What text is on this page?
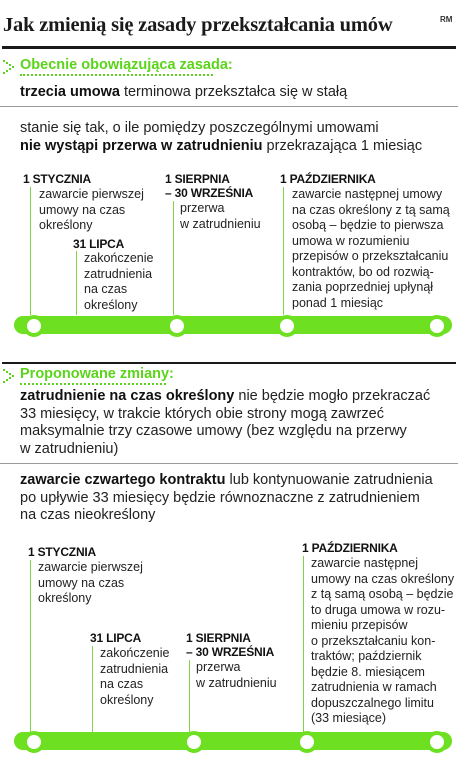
Jak zmienią się zasady przekształcania umów	RM
Obecnie obowiązująca zasada:
trzecia umowa terminowa przekształca się w stałą
stanie się tak, o ile pomiędzy poszczególnymi umowami
nie wystąpi przerwa w zatrudnieniu przekrazająca 1 miesiąc
1 STYCZNIA
zawarcie pierwszej
umowy na czas
określony
31 LIPCA
zakończenie
zatrudnienia
na czas
określony
1 SIERPNIA
– 30 WRZEŚNIA
przerwa
w zatrudnieniu
1 PAŹDZIERNIKA
zawarcie następnej umowy
na czas określony z tą samą
osobą – będzie to pierwsza
umowa w rozumieniu
przepisów o przekształcaniu
kontraktów, bo od rozwią-
zania poprzedniej upłynął
ponad 1 miesiąc
Proponowane zmiany:
zatrudnienie na czas określony nie będzie mogło przekraczać
33 miesięcy, w trakcie których obie strony mogą zawrzeć
maksymalnie trzy czasowe umowy (bez względu na przerwy
w zatrudnieniu)
zawarcie czwartego kontraktu lub kontynuowanie zatrudnienia
po upływie 33 miesięcy będzie równoznaczne z zatrudnieniem
na czas nieokreślony
1 STYCZNIA
zawarcie pierwszej
umowy na czas
określony
31 LIPCA
zakończenie
zatrudnienia
na czas
określony
1 SIERPNIA
– 30 WRZEŚNIA
przerwa
w zatrudnieniu
1 PAŹDZIERNIKA
zawarcie następnej
umowy na czas określony
z tą samą osobą – będzie
to druga umowa w rozu-
mieniu przepisów
o przekształcaniu kon-
traktów; październik
będzie 8. miesiącem
zatrudnienia w ramach
dopuszczalnego limitu
(33 miesiące)
